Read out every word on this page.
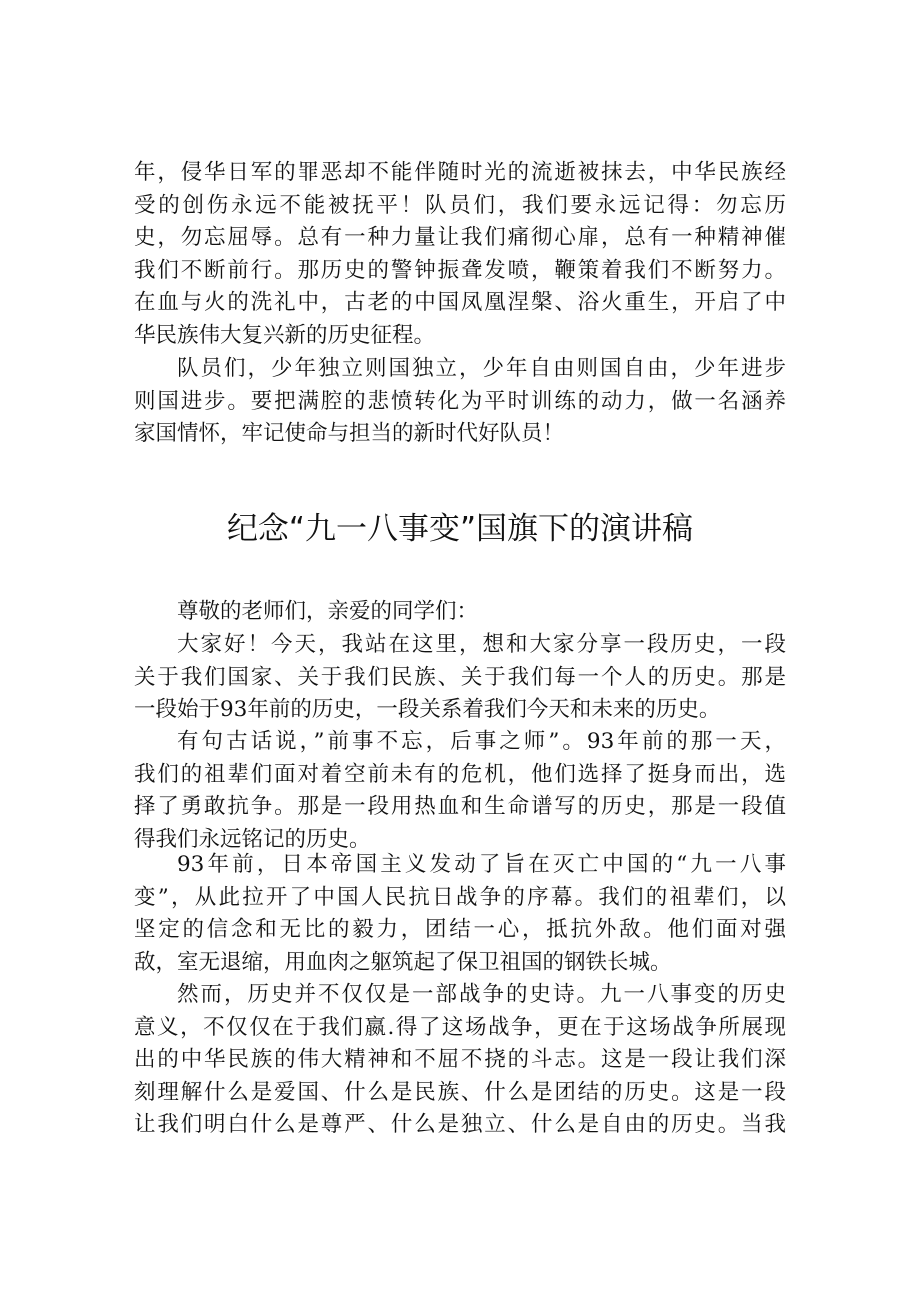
年，侵华日军的罪恶却不能伴随时光的流逝被抹去，中华民族经
受的创伤永远不能被抚平！队员们，我们要永远记得：勿忘历
史，勿忘屈辱。总有一种力量让我们痛彻心扉，总有一种精神催
我们不断前行。那历史的警钟振聋发喷，鞭策着我们不断努力。
在血与火的洗礼中，古老的中国凤凰涅槃、浴火重生，开启了中
华民族伟大复兴新的历史征程。
队员们，少年独立则国独立，少年自由则国自由，少年进步
则国进步。要把满腔的悲愤转化为平时训练的动力，做一名涵养
家国情怀，牢记使命与担当的新时代好队员！
纪念“九一八事变”国旗下的演讲稿
尊敬的老师们，亲爱的同学们：
大家好！今天，我站在这里，想和大家分享一段历史，一段
关于我们国家、关于我们民族、关于我们每一个人的历史。那是
一段始于93年前的历史，一段关系着我们今天和未来的历史。
有句古话说，”前事不忘，后事之师”。93年前的那一天，
我们的祖辈们面对着空前未有的危机，他们选择了挺身而出，选
择了勇敢抗争。那是一段用热血和生命谱写的历史，那是一段值
得我们永远铭记的历史。
93年前，日本帝国主义发动了旨在灭亡中国的“九一八事
变”，从此拉开了中国人民抗日战争的序幕。我们的祖辈们，以
坚定的信念和无比的毅力，团结一心，抵抗外敌。他们面对强
敌，室无退缩，用血肉之躯筑起了保卫祖国的钢铁长城。
然而，历史并不仅仅是一部战争的史诗。九一八事变的历史
意义，不仅仅在于我们嬴.得了这场战争，更在于这场战争所展现
出的中华民族的伟大精神和不屈不挠的斗志。这是一段让我们深
刻理解什么是爱国、什么是民族、什么是团结的历史。这是一段
让我们明白什么是尊严、什么是独立、什么是自由的历史。当我
